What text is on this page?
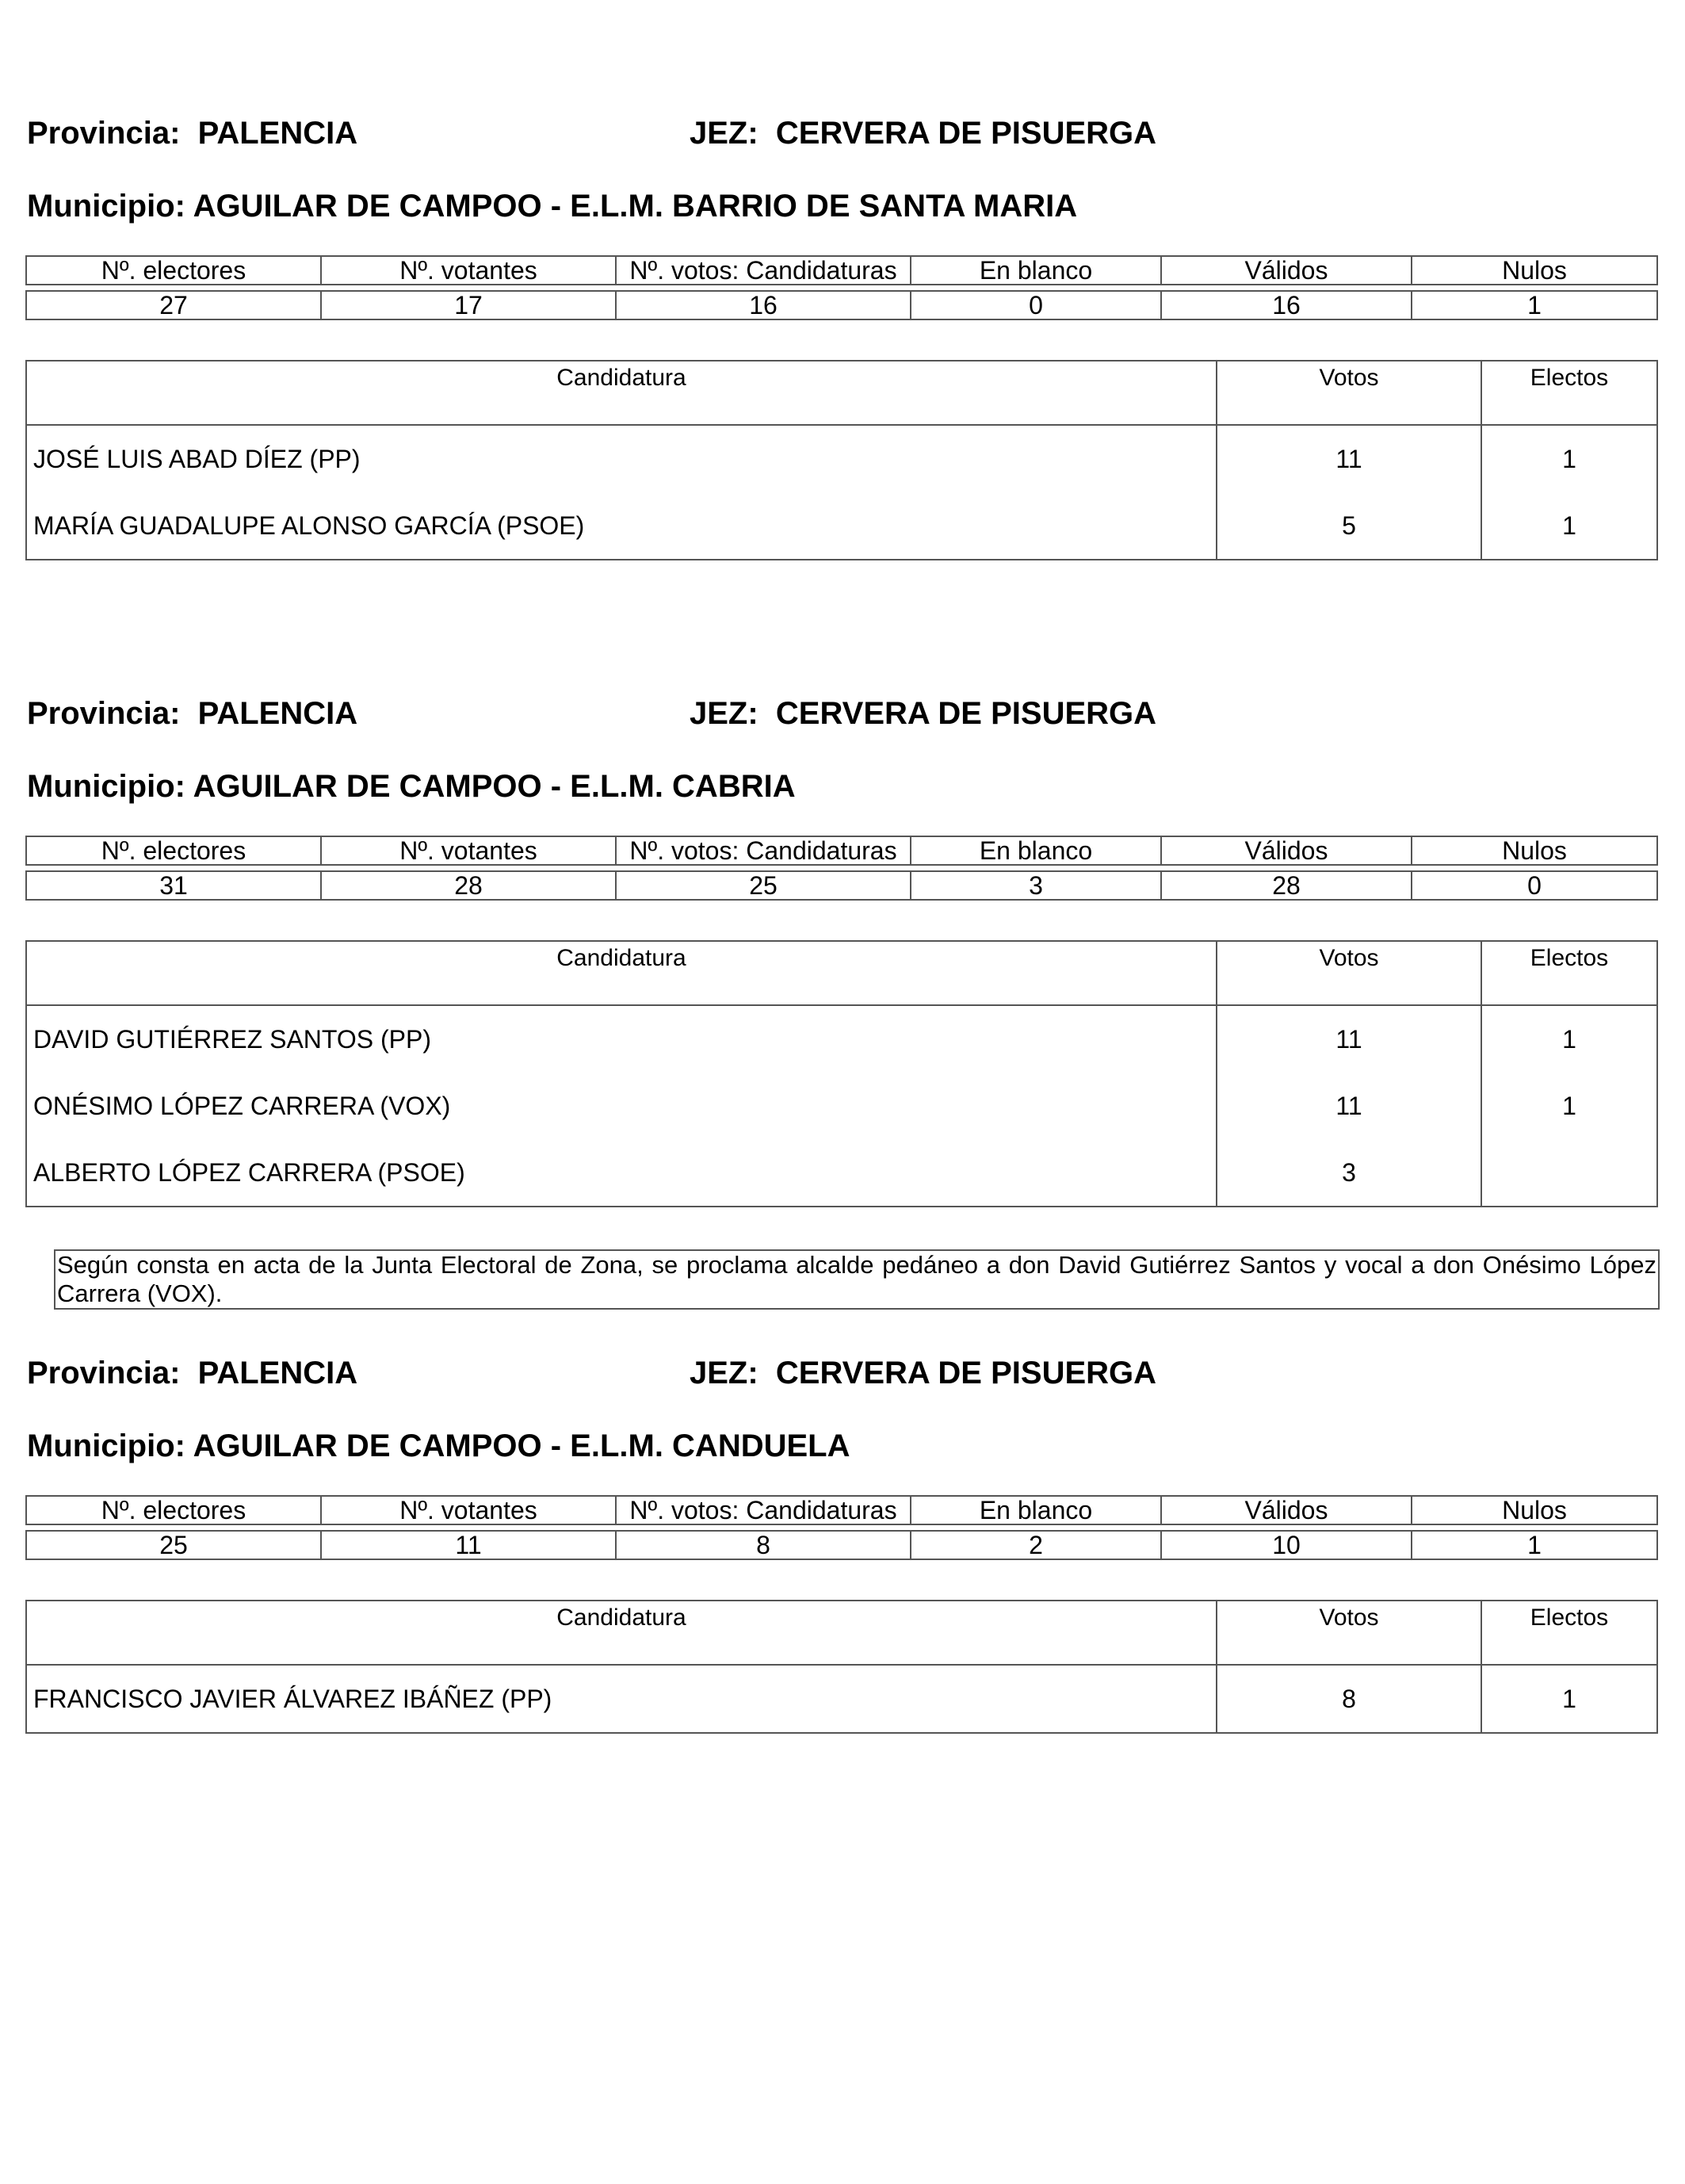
Provincia: PALENCIA	JEZ: CERVERA DE PISUERGA
Municipio: AGUILAR DE CAMPOO - E.L.M. BARRIO DE SANTA MARIA
Nº. electores	Nº. votantes	Nº. votos: Candidaturas	En blanco	Válidos	Nulos

27	17	16	0	16	1
Candidatura	Votos	Electos
JOSÉ LUIS ABAD DÍEZ (PP)	11	1
MARÍA GUADALUPE ALONSO GARCÍA (PSOE)	5	1
Provincia: PALENCIA	JEZ: CERVERA DE PISUERGA
Municipio: AGUILAR DE CAMPOO - E.L.M. CABRIA
Nº. electores	Nº. votantes	Nº. votos: Candidaturas	En blanco	Válidos	Nulos

31	28	25	3	28	0
Candidatura	Votos	Electos
DAVID GUTIÉRREZ SANTOS (PP)	11	1
ONÉSIMO LÓPEZ CARRERA (VOX)	11	1
ALBERTO LÓPEZ CARRERA (PSOE)	3	
Según consta en acta de la Junta Electoral de Zona, se proclama alcalde pedáneo a don David Gutiérrez Santos y vocal a don Onésimo López Carrera (VOX).
Provincia: PALENCIA	JEZ: CERVERA DE PISUERGA
Municipio: AGUILAR DE CAMPOO - E.L.M. CANDUELA
Nº. electores	Nº. votantes	Nº. votos: Candidaturas	En blanco	Válidos	Nulos

25	11	8	2	10	1
Candidatura	Votos	Electos
FRANCISCO JAVIER ÁLVAREZ IBÁÑEZ (PP)	8	1
